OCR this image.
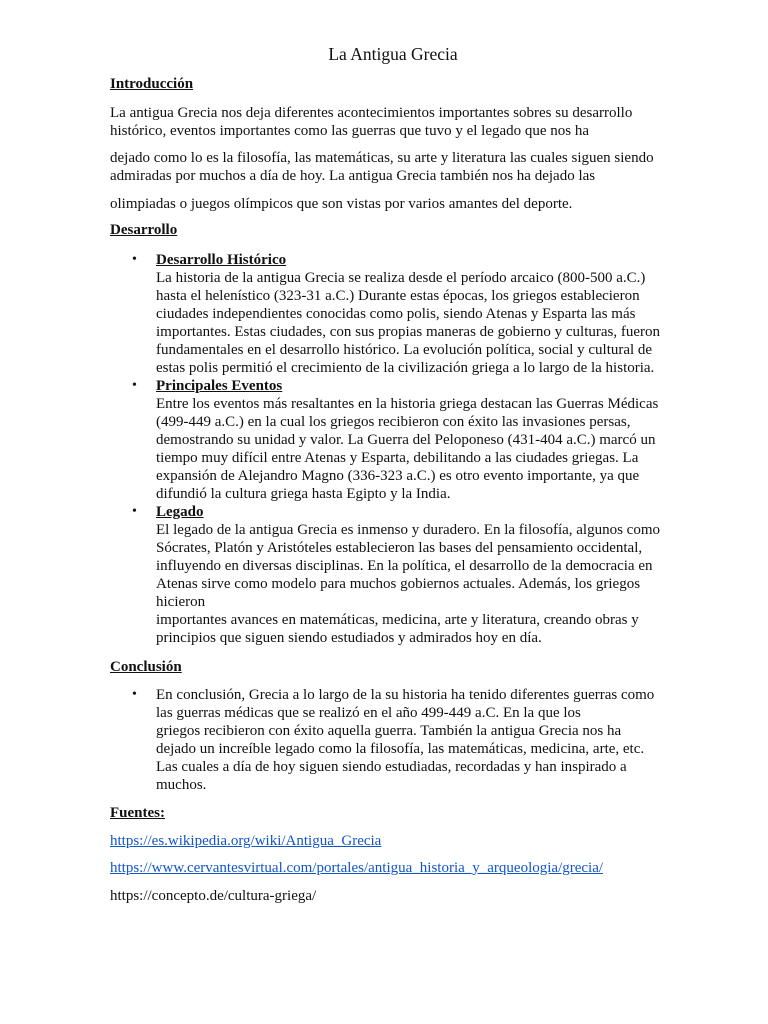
La Antigua Grecia
Introducción
La antigua Grecia nos deja diferentes acontecimientos importantes sobres su desarrollo
histórico, eventos importantes como las guerras que tuvo y el legado que nos ha
dejado como lo es la filosofía, las matemáticas, su arte y literatura las cuales siguen siendo
admiradas por muchos a día de hoy. La antigua Grecia también nos ha dejado las
olimpiadas o juegos olímpicos que son vistas por varios amantes del deporte.
Desarrollo
• Desarrollo Histórico
La historia de la antigua Grecia se realiza desde el período arcaico (800-500 a.C.)
hasta el helenístico (323-31 a.C.) Durante estas épocas, los griegos establecieron
ciudades independientes conocidas como polis, siendo Atenas y Esparta las más
importantes. Estas ciudades, con sus propias maneras de gobierno y culturas, fueron
fundamentales en el desarrollo histórico. La evolución política, social y cultural de
estas polis permitió el crecimiento de la civilización griega a lo largo de la historia.
• Principales Eventos
Entre los eventos más resaltantes en la historia griega destacan las Guerras Médicas
(499-449 a.C.) en la cual los griegos recibieron con éxito las invasiones persas,
demostrando su unidad y valor. La Guerra del Peloponeso (431-404 a.C.) marcó un
tiempo muy difícil entre Atenas y Esparta, debilitando a las ciudades griegas. La
expansión de Alejandro Magno (336-323 a.C.) es otro evento importante, ya que
difundió la cultura griega hasta Egipto y la India.
• Legado
El legado de la antigua Grecia es inmenso y duradero. En la filosofía, algunos como
Sócrates, Platón y Aristóteles establecieron las bases del pensamiento occidental,
influyendo en diversas disciplinas. En la política, el desarrollo de la democracia en
Atenas sirve como modelo para muchos gobiernos actuales. Además, los griegos
hicieron
importantes avances en matemáticas, medicina, arte y literatura, creando obras y
principios que siguen siendo estudiados y admirados hoy en día.
Conclusión
• En conclusión, Grecia a lo largo de la su historia ha tenido diferentes guerras como
las guerras médicas que se realizó en el año 499-449 a.C. En la que los
griegos recibieron con éxito aquella guerra. También la antigua Grecia nos ha
dejado un increíble legado como la filosofía, las matemáticas, medicina, arte, etc.
Las cuales a día de hoy siguen siendo estudiadas, recordadas y han inspirado a
muchos.
Fuentes:
https://es.wikipedia.org/wiki/Antigua_Grecia
https://www.cervantesvirtual.com/portales/antigua_historia_y_arqueologia/grecia/
https://concepto.de/cultura-griega/
